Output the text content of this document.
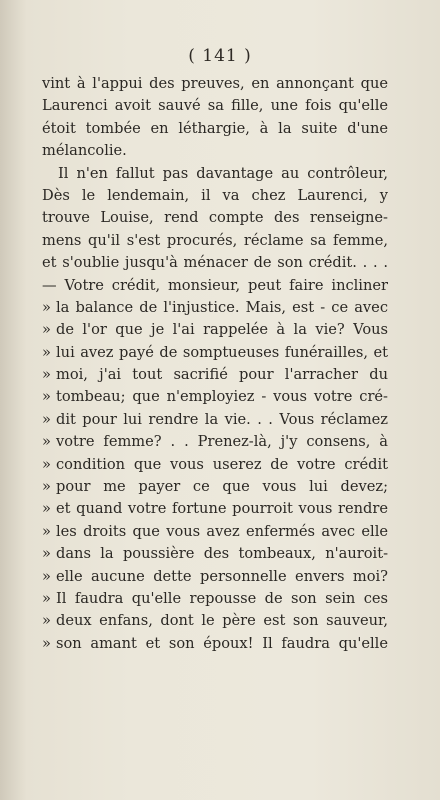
( 141 )
vint à l'appui des preuves, en annonçant que
Laurenci avoit sauvé sa fille, une fois qu'elle
étoit tombée en léthargie, à la suite d'une
mélancolie.
Il n'en fallut pas davantage au contrôleur,
Dès le lendemain, il va chez Laurenci, y
trouve Louise, rend compte des renseigne-
mens qu'il s'est procurés, réclame sa femme,
et s'oublie jusqu'à ménacer de son crédit. . . .
— Votre crédit, monsieur, peut faire incliner
» la balance de l'injustice. Mais, est - ce avec
» de l'or que je l'ai rappelée à la vie? Vous
» lui avez payé de somptueuses funérailles, et
» moi, j'ai tout sacrifié pour l'arracher du
» tombeau; que n'employiez - vous votre cré-
» dit pour lui rendre la vie. . . Vous réclamez
» votre femme? . . Prenez-là, j'y consens, à
» condition que vous userez de votre crédit
» pour me payer ce que vous lui devez;
» et quand votre fortune pourroit vous rendre
» les droits que vous avez enfermés avec elle
» dans la poussière des tombeaux, n'auroit-
» elle aucune dette personnelle envers moi?
» Il faudra qu'elle repousse de son sein ces
» deux enfans, dont le père est son sauveur,
» son amant et son époux! Il faudra qu'elle
